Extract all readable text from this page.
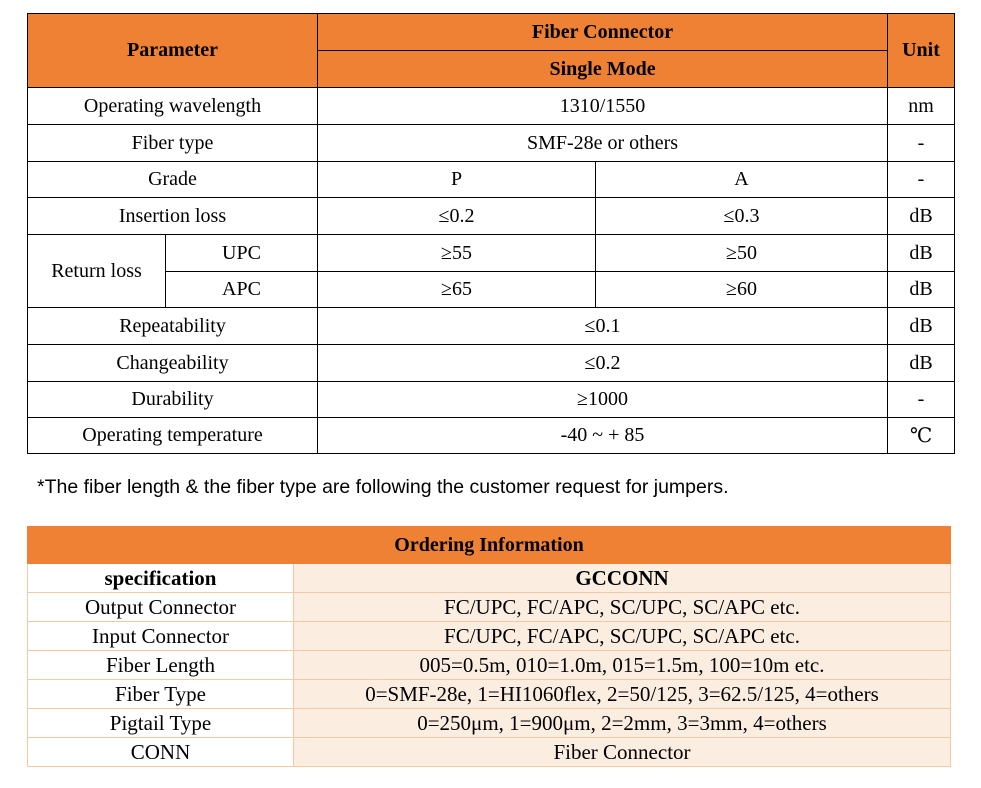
Parameter		Fiber Connector		Unit
		Single Mode		
Operating wavelength		1310/1550		nm
Fiber type		SMF-28e or others		-
Grade		P	A	-
Insertion loss		≤0.2	≤0.3	dB
Return loss	UPC	≥55	≥50	dB
	APC	≥65	≥60	dB
Repeatability		≤0.1		dB
Changeability		≤0.2		dB
Durability		≥1000		-
Operating temperature		-40 ~ + 85		℃
*The fiber length & the fiber type are following the customer request for jumpers.
Ordering Information	
specification	GCCONN
Output Connector	FC/UPC, FC/APC, SC/UPC, SC/APC etc.
Input Connector	FC/UPC, FC/APC, SC/UPC, SC/APC etc.
Fiber Length	005=0.5m, 010=1.0m, 015=1.5m, 100=10m etc.
Fiber Type	0=SMF-28e, 1=HI1060flex, 2=50/125, 3=62.5/125, 4=others
Pigtail Type	0=250μm, 1=900μm, 2=2mm, 3=3mm, 4=others
CONN	Fiber Connector
